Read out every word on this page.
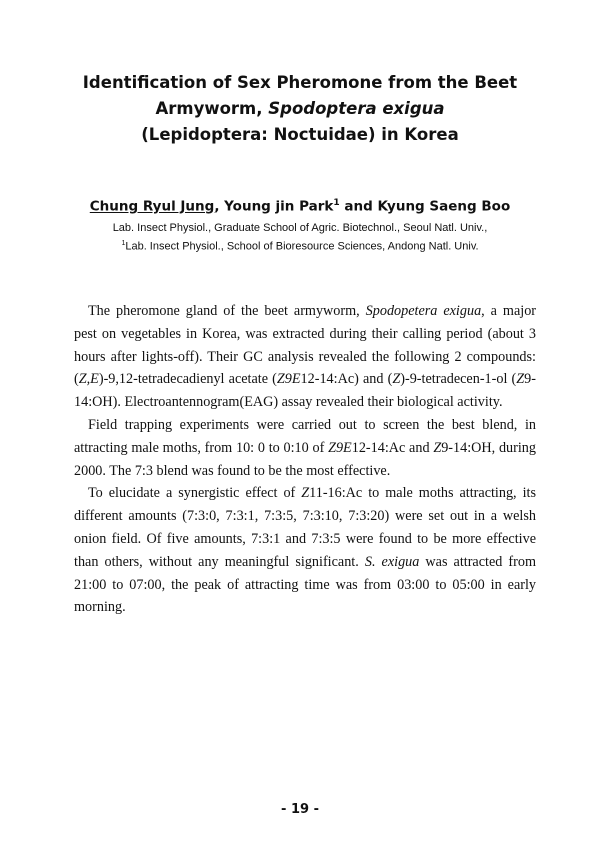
Identification of Sex Pheromone from the Beet
Armyworm, Spodoptera exigua
(Lepidoptera: Noctuidae) in Korea
Chung Ryul Jung, Young jin Park$^1$ and Kyung Saeng Boo
Lab. Insect Physiol., Graduate School of Agric. Biotechnol., Seoul Natl. Univ.,
$^1$Lab. Insect Physiol., School of Bioresource Sciences, Andong Natl. Univ.

The pheromone gland of the beet armyworm, Spodopetera exigua, a major pest on vegetables in Korea, was extracted during their calling period (about 3 hours after lights-off). Their GC analysis revealed the following 2 compounds: (Z,E)-9,12-tetradecadienyl acetate (Z9E12-14:Ac) and (Z)-9-tetradecen-1-ol (Z9-14:OH). Electroantennogram(EAG) assay revealed their biological activity.

Field trapping experiments were carried out to screen the best blend, in attracting male moths, from 10: 0 to 0:10 of Z9E12-14:Ac and Z9-14:OH, during 2000. The 7:3 blend was found to be the most effective.

To elucidate a synergistic effect of Z11-16:Ac to male moths attracting, its different amounts (7:3:0, 7:3:1, 7:3:5, 7:3:10, 7:3:20) were set out in a welsh onion field. Of five amounts, 7:3:1 and 7:3:5 were found to be more effective than others, without any meaningful significant. S. exigua was attracted from 21:00 to 07:00, the peak of attracting time was from 03:00 to 05:00 in early morning.

- 19 -
